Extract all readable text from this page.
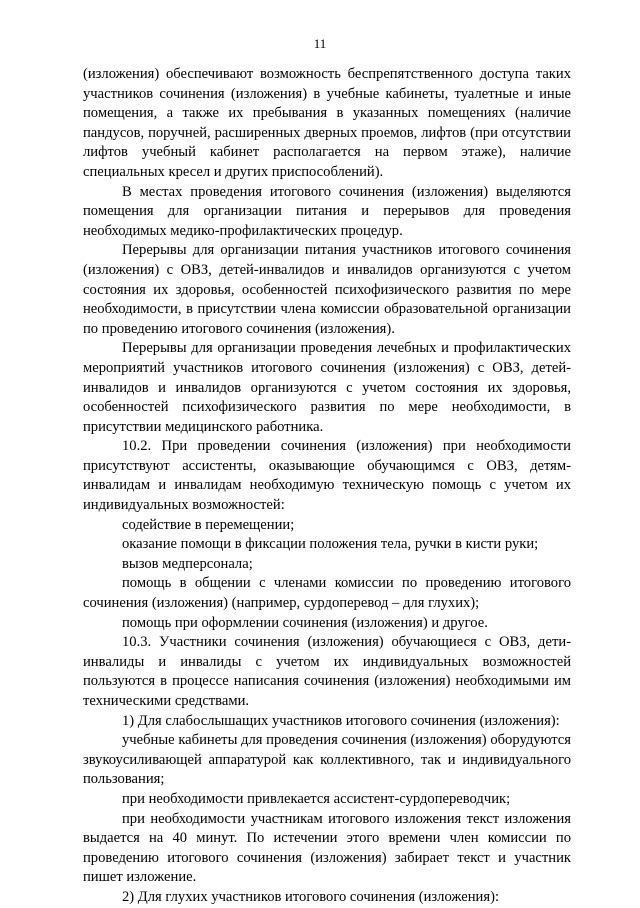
11

(изложения) обеспечивают возможность беспрепятственного доступа таких участников сочинения (изложения) в учебные кабинеты, туалетные и иные помещения, а также их пребывания в указанных помещениях (наличие пандусов, поручней, расширенных дверных проемов, лифтов (при отсутствии лифтов учебный кабинет располагается на первом этаже), наличие специальных кресел и других приспособлений).

В местах проведения итогового сочинения (изложения) выделяются помещения для организации питания и перерывов для проведения необходимых медико-профилактических процедур.

Перерывы для организации питания участников итогового сочинения (изложения) с ОВЗ, детей-инвалидов и инвалидов организуются с учетом состояния их здоровья, особенностей психофизического развития по мере необходимости, в присутствии члена комиссии образовательной организации по проведению итогового сочинения (изложения).

Перерывы для организации проведения лечебных и профилактических мероприятий участников итогового сочинения (изложения) с ОВЗ, детей-инвалидов и инвалидов организуются с учетом состояния их здоровья, особенностей психофизического развития по мере необходимости, в присутствии медицинского работника.

10.2. При проведении сочинения (изложения) при необходимости присутствуют ассистенты, оказывающие обучающимся с ОВЗ, детям-инвалидам и инвалидам необходимую техническую помощь с учетом их индивидуальных возможностей:

содействие в перемещении;

оказание помощи в фиксации положения тела, ручки в кисти руки;

вызов медперсонала;

помощь в общении с членами комиссии по проведению итогового сочинения (изложения) (например, сурдоперевод – для глухих);

помощь при оформлении сочинения (изложения) и другое.

10.3. Участники сочинения (изложения) обучающиеся с ОВЗ, дети-инвалиды и инвалиды с учетом их индивидуальных возможностей пользуются в процессе написания сочинения (изложения) необходимыми им техническими средствами.

1) Для слабослышащих участников итогового сочинения (изложения):

учебные кабинеты для проведения сочинения (изложения) оборудуются звукоусиливающей аппаратурой как коллективного, так и индивидуального пользования;

при необходимости привлекается ассистент-сурдопереводчик;

при необходимости участникам итогового изложения текст изложения выдается на 40 минут. По истечении этого времени член комиссии по проведению итогового сочинения (изложения) забирает текст и участник пишет изложение.

2) Для глухих участников итогового сочинения (изложения):
